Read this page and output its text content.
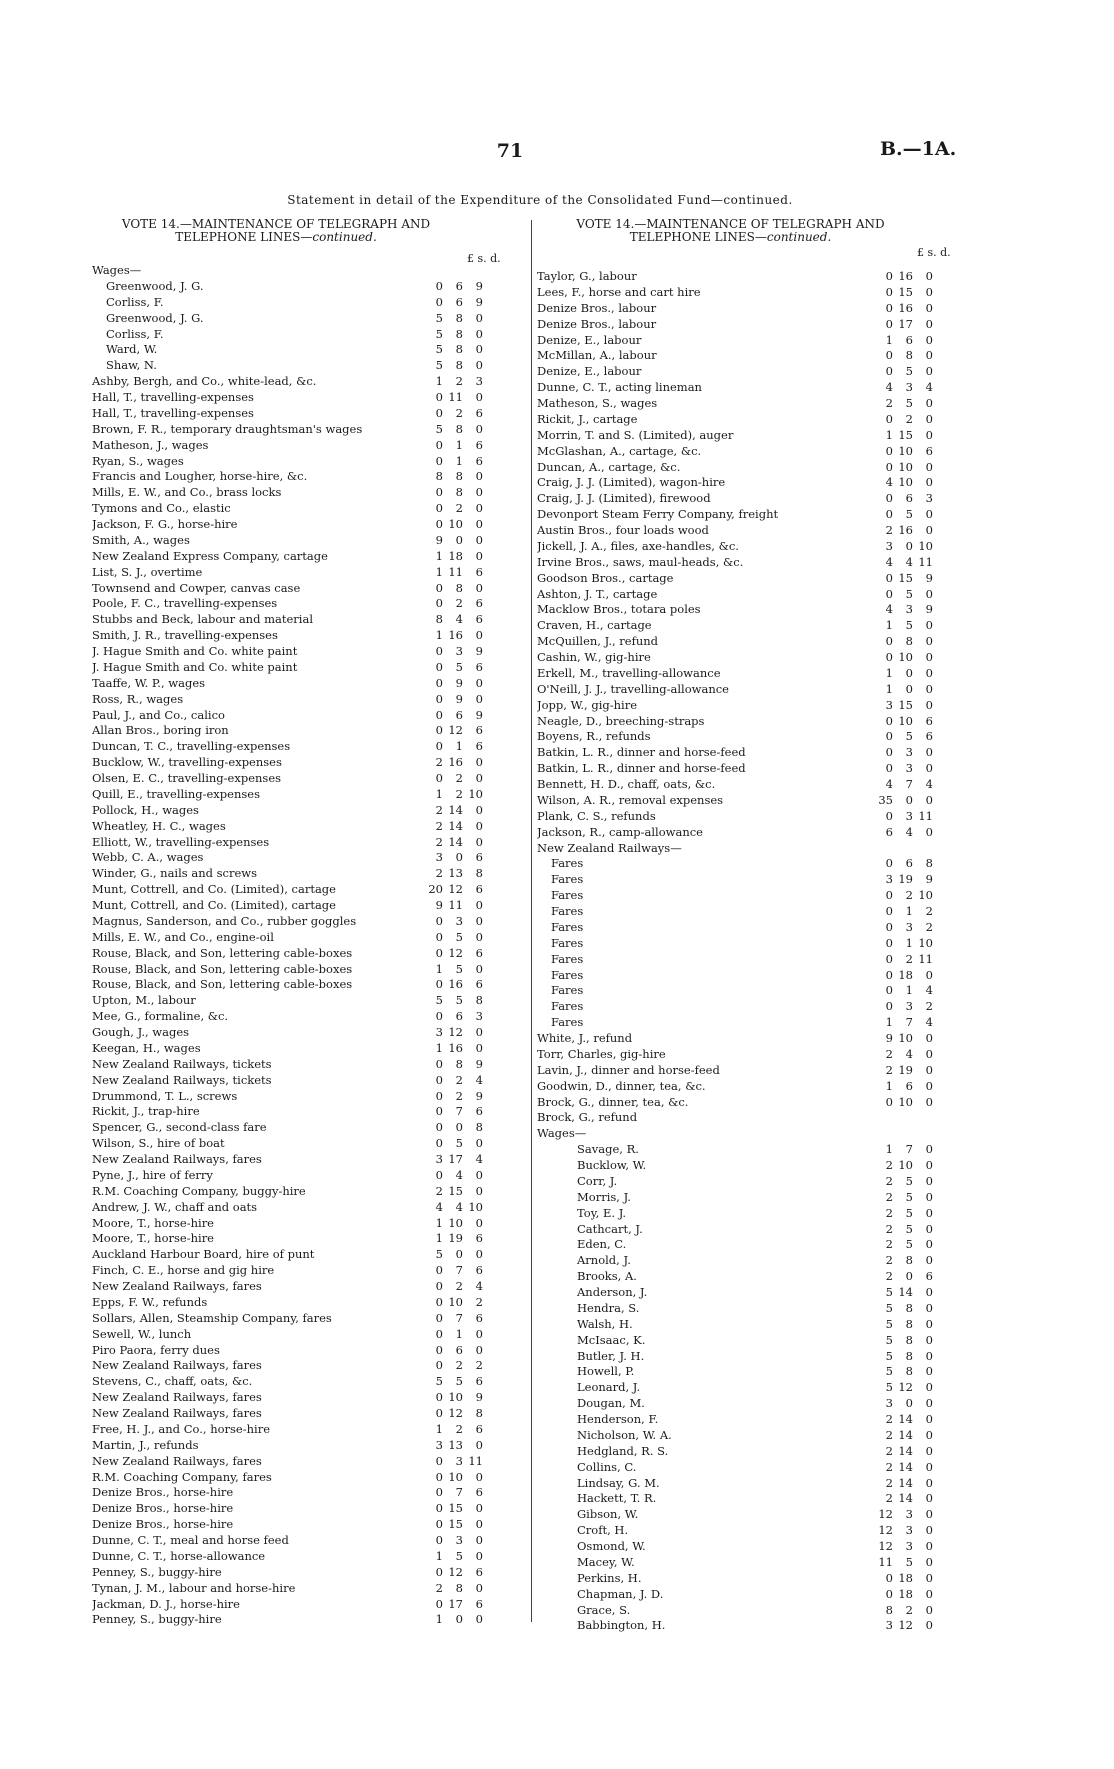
71	B.—1A.
Statement in detail of the Expenditure of the Consolidated Fund—continued.
VOTE 14.—MAINTENANCE OF TELEGRAPH AND
TELEPHONE LINES—continued.
£ s. d.
Wages—
Greenwood, J. G.	0	6	9
Corliss, F.	0	6	9
Greenwood, J. G.	5	8	0
Corliss, F.	5	8	0
Ward, W.	5	8	0
Shaw, N.	5	8	0
Ashby, Bergh, and Co., white-lead, &c.	1	2	3
Hall, T., travelling-expenses	0 11	0
Hall, T., travelling-expenses	0	2	6
Brown, F. R., temporary draughtsman's wages	5	8	0
Matheson, J., wages	0	1	6
Ryan, S., wages	0	1	6
Francis and Lougher, horse-hire, &c.	8	8	0
Mills, E. W., and Co., brass locks	0	8	0
Tymons and Co., elastic	0	2	0
Jackson, F. G., horse-hire	0 10	0
Smith, A., wages	9	0	0
New Zealand Express Company, cartage	1 18	0
List, S. J., overtime	1 11	6
Townsend and Cowper, canvas case	0	8	0
Poole, F. C., travelling-expenses	0	2	6
Stubbs and Beck, labour and material	8	4	6
Smith, J. R., travelling-expenses	1 16	0
J. Hague Smith and Co. white paint	0	3	9
J. Hague Smith and Co. white paint	0	5	6
Taaffe, W. P., wages	0	9	0
Ross, R., wages	0	9	0
Paul, J., and Co., calico	0	6	9
Allan Bros., boring iron	0 12	6
Duncan, T. C., travelling-expenses	0	1	6
Bucklow, W., travelling-expenses	2 16	0
Olsen, E. C., travelling-expenses	0	2	0
Quill, E., travelling-expenses	1	2 10
Pollock, H., wages	2 14	0
Wheatley, H. C., wages	2 14	0
Elliott, W., travelling-expenses	2 14	0
Webb, C. A., wages	3	0	6
Winder, G., nails and screws	2 13	8
Munt, Cottrell, and Co. (Limited), cartage	20 12	6
Munt, Cottrell, and Co. (Limited), cartage	9 11	0
Magnus, Sanderson, and Co., rubber goggles	0	3	0
Mills, E. W., and Co., engine-oil	0	5	0
Rouse, Black, and Son, lettering cable-boxes	0 12	6
Rouse, Black, and Son, lettering cable-boxes	1	5	0
Rouse, Black, and Son, lettering cable-boxes	0 16	6
Upton, M., labour	5	5	8
Mee, G., formaline, &c.	0	6	3
Gough, J., wages	3 12	0
Keegan, H., wages	1 16	0
New Zealand Railways, tickets	0	8	9
New Zealand Railways, tickets	0	2	4
Drummond, T. L., screws	0	2	9
Rickit, J., trap-hire	0	7	6
Spencer, G., second-class fare	0	0	8
Wilson, S., hire of boat	0	5	0
New Zealand Railways, fares	3 17	4
Pyne, J., hire of ferry	0	4	0
R.M. Coaching Company, buggy-hire	2 15	0
Andrew, J. W., chaff and oats	4	4 10
Moore, T., horse-hire	1 10	0
Moore, T., horse-hire	1 19	6
Auckland Harbour Board, hire of punt	5	0	0
Finch, C. E., horse and gig hire	0	7	6
New Zealand Railways, fares	0	2	4
Epps, F. W., refunds	0 10	2
Sollars, Allen, Steamship Company, fares	0	7	6
Sewell, W., lunch	0	1	0
Piro Paora, ferry dues	0	6	0
New Zealand Railways, fares	0	2	2
Stevens, C., chaff, oats, &c.	5	5	6
New Zealand Railways, fares	0 10	9
New Zealand Railways, fares	0 12	8
Free, H. J., and Co., horse-hire	1	2	6
Martin, J., refunds	3 13	0
New Zealand Railways, fares	0	3 11
R.M. Coaching Company, fares	0 10	0
Denize Bros., horse-hire	0	7	6
Denize Bros., horse-hire	0 15	0
Denize Bros., horse-hire	0 15	0
Dunne, C. T., meal and horse feed	0	3	0
Dunne, C. T., horse-allowance	1	5	0
Penney, S., buggy-hire	0 12	6
Tynan, J. M., labour and horse-hire	2	8	0
Jackman, D. J., horse-hire	0 17	6
Penney, S., buggy-hire	1	0	0
VOTE 14.—MAINTENANCE OF TELEGRAPH AND
TELEPHONE LINES—continued.
£ s. d.
Taylor, G., labour	0 16	0
Lees, F., horse and cart hire	0 15	0
Denize Bros., labour	0 16	0
Denize Bros., labour	0 17	0
Denize, E., labour	1	6	0
McMillan, A., labour	0	8	0
Denize, E., labour	0	5	0
Dunne, C. T., acting lineman	4	3	4
Matheson, S., wages	2	5	0
Rickit, J., cartage	0	2	0
Morrin, T. and S. (Limited), auger	1 15	0
McGlashan, A., cartage, &c.	0 10	6
Duncan, A., cartage, &c.	0 10	0
Craig, J. J. (Limited), wagon-hire	4 10	0
Craig, J. J. (Limited), firewood	0	6	3
Devonport Steam Ferry Company, freight	0	5	0
Austin Bros., four loads wood	2 16	0
Jickell, J. A., files, axe-handles, &c.	3	0 10
Irvine Bros., saws, maul-heads, &c.	4	4 11
Goodson Bros., cartage	0 15	9
Ashton, J. T., cartage	0	5	0
Macklow Bros., totara poles	4	3	9
Craven, H., cartage	1	5	0
McQuillen, J., refund	0	8	0
Cashin, W., gig-hire	0 10	0
Erkell, M., travelling-allowance	1	0	0
O'Neill, J. J., travelling-allowance	1	0	0
Jopp, W., gig-hire	3 15	0
Neagle, D., breeching-straps	0 10	6
Boyens, R., refunds	0	5	6
Batkin, L. R., dinner and horse-feed	0	3	0
Batkin, L. R., dinner and horse-feed	0	3	0
Bennett, H. D., chaff, oats, &c.	4	7	4
Wilson, A. R., removal expenses	35	0	0
Plank, C. S., refunds	0	3 11
Jackson, R., camp-allowance	6	4	0
New Zealand Railways—
Fares	0	6	8
Fares	3 19	9
Fares	0	2 10
Fares	0	1	2
Fares	0	3	2
Fares	0	1 10
Fares	0	2 11
Fares	0 18	0
Fares	0	1	4
Fares	0	3	2
Fares	1	7	4
White, J., refund	9 10	0
Torr, Charles, gig-hire	2	4	0
Lavin, J., dinner and horse-feed	2 19	0
Goodwin, D., dinner, tea, &c.	1	6	0
Brock, G., dinner, tea, &c.	0 10	0
Brock, G., refund
Wages—
Savage, R.	1	7	0
Bucklow, W.	2 10	0
Corr, J.	2	5	0
Morris, J.	2	5	0
Toy, E. J.	2	5	0
Cathcart, J.	2	5	0
Eden, C.	2	5	0
Arnold, J.	2	8	0
Brooks, A.	2	0	6
Anderson, J.	5 14	0
Hendra, S.	5	8	0
Walsh, H.	5	8	0
McIsaac, K.	5	8	0
Butler, J. H.	5	8	0
Howell, P.	5	8	0
Leonard, J.	5 12	0
Dougan, M.	3	0	0
Henderson, F.	2 14	0
Nicholson, W. A.	2 14	0
Hedgland, R. S.	2 14	0
Collins, C.	2 14	0
Lindsay, G. M.	2 14	0
Hackett, T. R.	2 14	0
Gibson, W.	12	3	0
Croft, H.	12	3	0
Osmond, W.	12	3	0
Macey, W.	11	5	0
Perkins, H.	0 18	0
Chapman, J. D.	0 18	0
Grace, S.	8	2	0
Babbington, H.	3 12	0
